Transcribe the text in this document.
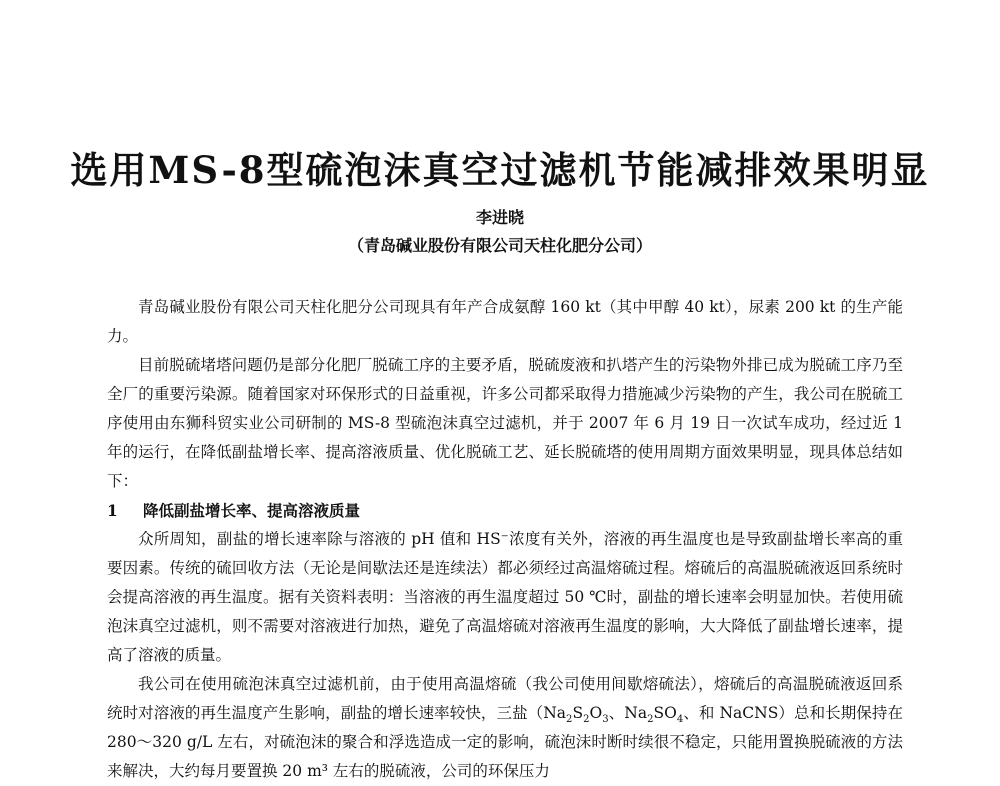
选用MS-8型硫泡沫真空过滤机节能减排效果明显
李进晓
（青岛碱业股份有限公司天柱化肥分公司）

青岛碱业股份有限公司天柱化肥分公司现具有年产合成氨醇 160 kt（其中甲醇 40 kt），尿素 200 kt 的生产能力。

目前脱硫堵塔问题仍是部分化肥厂脱硫工序的主要矛盾，脱硫废液和扒塔产生的污染物外排已成为脱硫工序乃至全厂的重要污染源。随着国家对环保形式的日益重视，许多公司都采取得力措施减少污染物的产生，我公司在脱硫工序使用由东狮科贸实业公司研制的 MS-8 型硫泡沫真空过滤机，并于 2007 年 6 月 19 日一次试车成功，经过近 1 年的运行，在降低副盐增长率、提高溶液质量、优化脱硫工艺、延长脱硫塔的使用周期方面效果明显，现具体总结如下：

1 降低副盐增长率、提高溶液质量

众所周知，副盐的增长速率除与溶液的 pH 值和 HS⁻浓度有关外，溶液的再生温度也是导致副盐增长率高的重要因素。传统的硫回收方法（无论是间歇法还是连续法）都必须经过高温熔硫过程。熔硫后的高温脱硫液返回系统时会提高溶液的再生温度。据有关资料表明：当溶液的再生温度超过 50 ℃时，副盐的增长速率会明显加快。若使用硫泡沫真空过滤机，则不需要对溶液进行加热，避免了高温熔硫对溶液再生温度的影响，大大降低了副盐增长速率，提高了溶液的质量。

我公司在使用硫泡沫真空过滤机前，由于使用高温熔硫（我公司使用间歇熔硫法），熔硫后的高温脱硫液返回系统时对溶液的再生温度产生影响，副盐的增长速率较快，三盐（$Na_2S_2O_3$、$Na_2SO_4$、和 NaCNS）总和长期保持在 280～320 g/L 左右，对硫泡沫的聚合和浮选造成一定的影响，硫泡沫时断时续很不稳定，只能用置换脱硫液的方法来解决，大约每月要置换 20 m³ 左右的脱硫液，公司的环保压力
